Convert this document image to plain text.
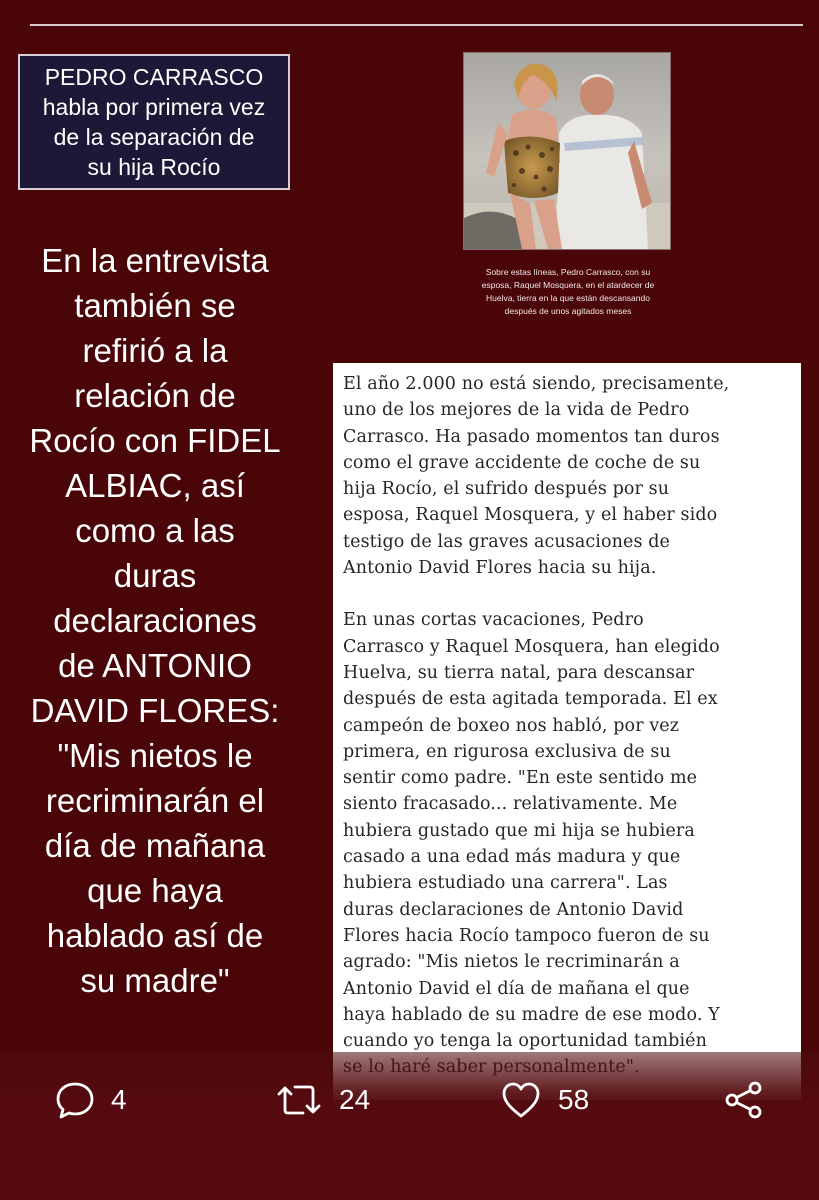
PEDRO CARRASCO
habla por primera vez
de la separación de
su hija Rocío
En la entrevista
también se
refirió a la
relación de
Rocío con FIDEL
ALBIAC, así
como a las
duras
declaraciones
de ANTONIO
DAVID FLORES:
"Mis nietos le
recriminarán el
día de mañana
que haya
hablado así de
su madre"
Sobre estas líneas, Pedro Carrasco, con su
esposa, Raquel Mosquera, en el atardecer de
Huelva, tierra en la que están descansando
después de unos agitados meses
El año 2.000 no está siendo, precisamente,
uno de los mejores de la vida de Pedro
Carrasco. Ha pasado momentos tan duros
como el grave accidente de coche de su
hija Rocío, el sufrido después por su
esposa, Raquel Mosquera, y el haber sido
testigo de las graves acusaciones de
Antonio David Flores hacia su hija.
En unas cortas vacaciones, Pedro
Carrasco y Raquel Mosquera, han elegido
Huelva, su tierra natal, para descansar
después de esta agitada temporada. El ex
campeón de boxeo nos habló, por vez
primera, en rigurosa exclusiva de su
sentir como padre. "En este sentido me
siento fracasado... relativamente. Me
hubiera gustado que mi hija se hubiera
casado a una edad más madura y que
hubiera estudiado una carrera". Las
duras declaraciones de Antonio David
Flores hacia Rocío tampoco fueron de su
agrado: "Mis nietos le recriminarán a
Antonio David el día de mañana el que
haya hablado de su madre de ese modo. Y
cuando yo tenga la oportunidad también
4	24	58
